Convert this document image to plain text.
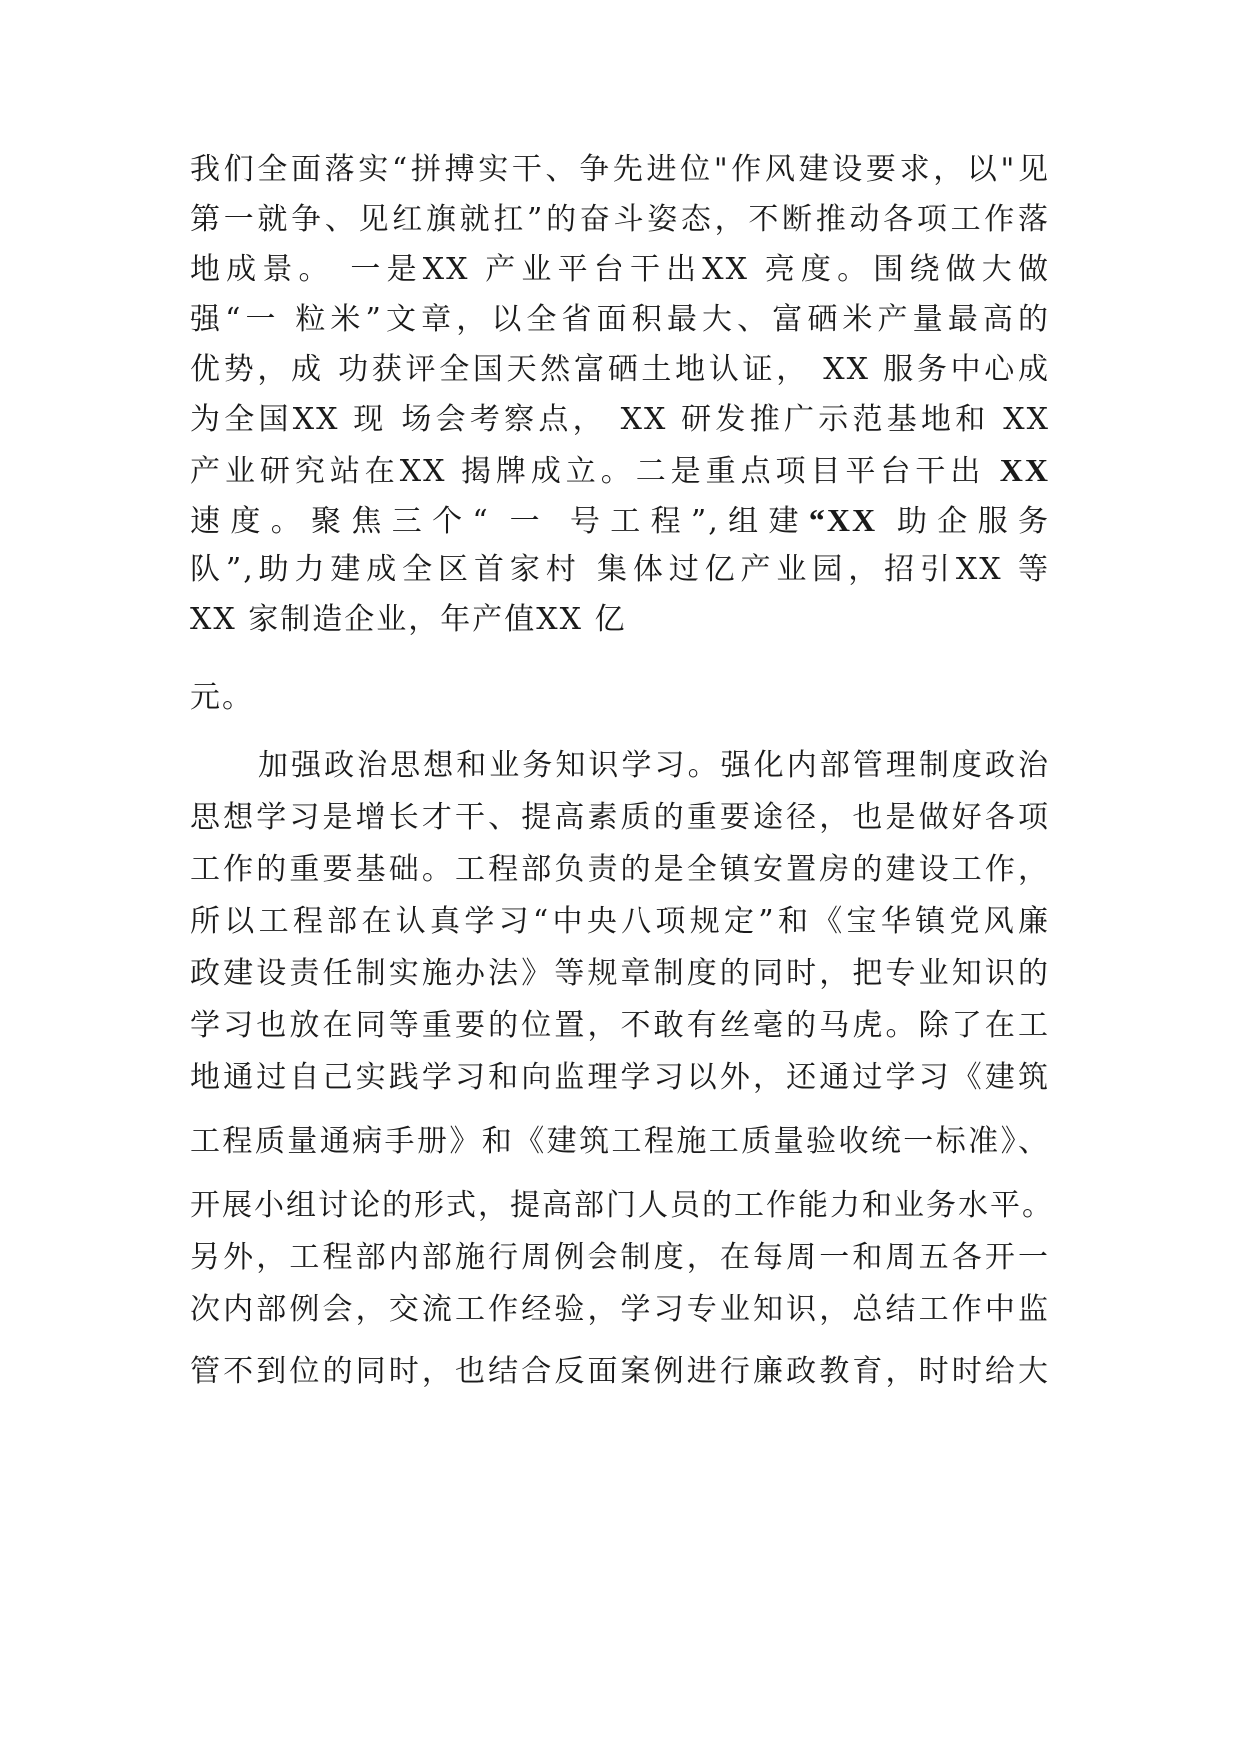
我们全面落实“拼搏实干、争先进位"作风建设要求，以"见
第一就争、见红旗就扛”的奋斗姿态，不断推动各项工作落
地成景。 一是XX 产业平台干出XX 亮度。围绕做大做
强“一 粒米”文章，以全省面积最大、富硒米产量最高的
优势，成 功获评全国天然富硒土地认证， XX 服务中心成
为全国XX 现 场会考察点， XX 研发推广示范基地和 XX
产业研究站在XX 揭牌成立。二是重点项目平台干出 XX
速度。聚焦三个“ 一 号工程”,组建“XX 助企服务
队”,助力建成全区首家村 集体过亿产业园，招引XX 等
XX 家制造企业，年产值XX 亿
元。
加强政治思想和业务知识学习。强化内部管理制度政治
思想学习是增长才干、提高素质的重要途径，也是做好各项
工作的重要基础。工程部负责的是全镇安置房的建设工作，
所以工程部在认真学习“中央八项规定”和《宝华镇党风廉
政建设责任制实施办法》等规章制度的同时，把专业知识的
学习也放在同等重要的位置，不敢有丝毫的马虎。除了在工
地通过自己实践学习和向监理学习以外，还通过学习《建筑
工程质量通病手册》和《建筑工程施工质量验收统一标准》、
开展小组讨论的形式，提高部门人员的工作能力和业务水平。
另外，工程部内部施行周例会制度，在每周一和周五各开一
次内部例会，交流工作经验，学习专业知识，总结工作中监
管不到位的同时，也结合反面案例进行廉政教育，时时给大
